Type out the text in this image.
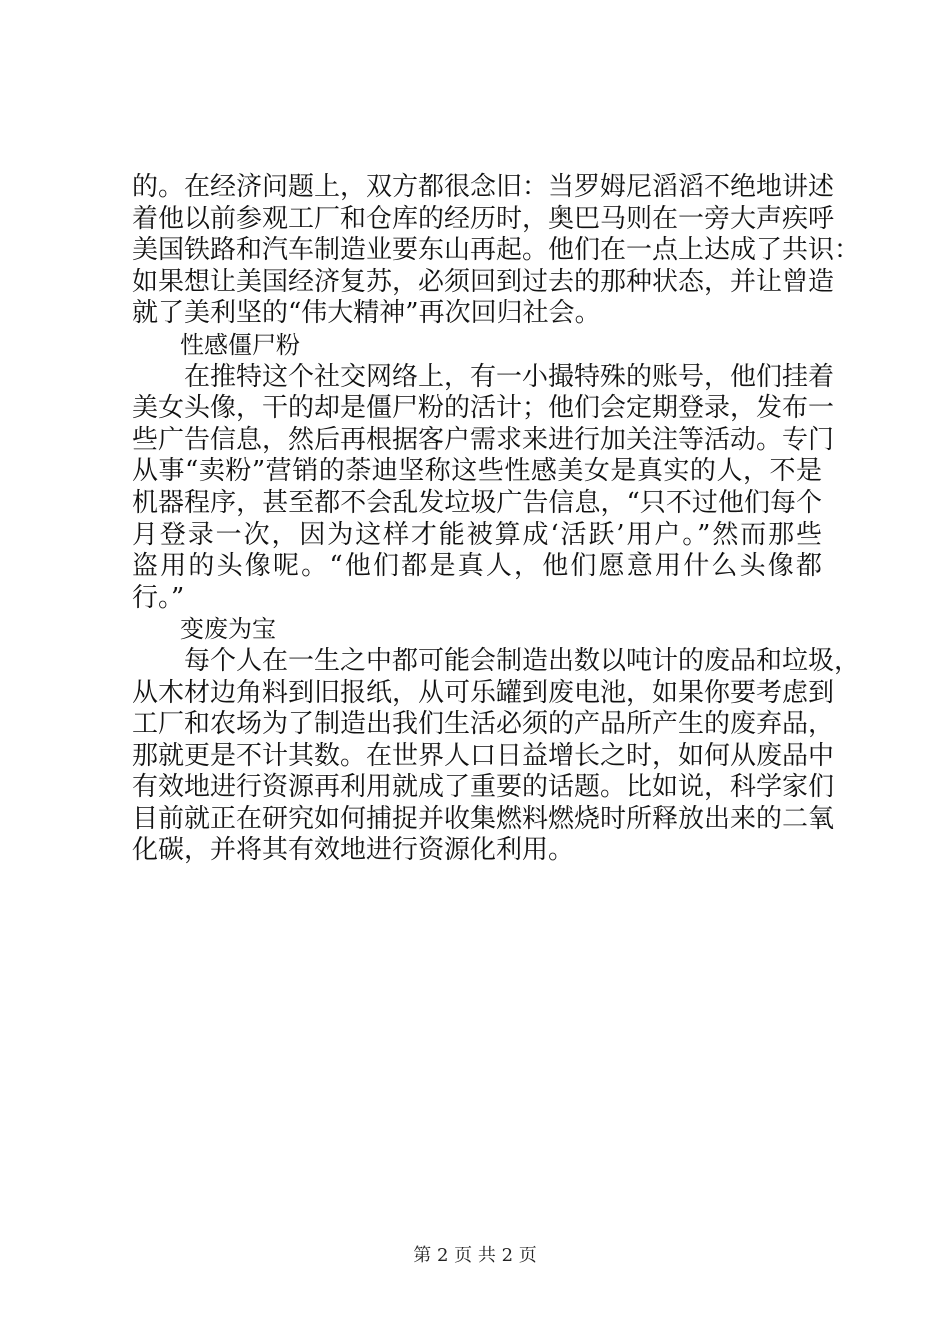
的。在经济问题上，双方都很念旧：当罗姆尼滔滔不绝地讲述
着他以前参观工厂和仓库的经历时，奥巴马则在一旁大声疾呼
美国铁路和汽车制造业要东山再起。他们在一点上达成了共识：
如果想让美国经济复苏，必须回到过去的那种状态，并让曾造
就了美利坚的“伟大精神”再次回归社会。
性感僵尸粉
　　在推特这个社交网络上，有一小撮特殊的账号，他们挂着
美女头像，干的却是僵尸粉的活计；他们会定期登录，发布一
些广告信息，然后再根据客户需求来进行加关注等活动。专门
从事“卖粉”营销的荼迪坚称这些性感美女是真实的人，不是
机器程序，甚至都不会乱发垃圾广告信息，“只不过他们每个
月登录一次，因为这样才能被算成‘活跃’用户。”然而那些
盗用的头像呢。“他们都是真人，他们愿意用什么头像都
行。”
变废为宝
　　每个人在一生之中都可能会制造出数以吨计的废品和垃圾，
从木材边角料到旧报纸，从可乐罐到废电池，如果你要考虑到
工厂和农场为了制造出我们生活必须的产品所产生的废弃品，
那就更是不计其数。在世界人口日益增长之时，如何从废品中
有效地进行资源再利用就成了重要的话题。比如说，科学家们
目前就正在研究如何捕捉并收集燃料燃烧时所释放出来的二氧
化碳，并将其有效地进行资源化利用。
第 2 页 共 2 页
